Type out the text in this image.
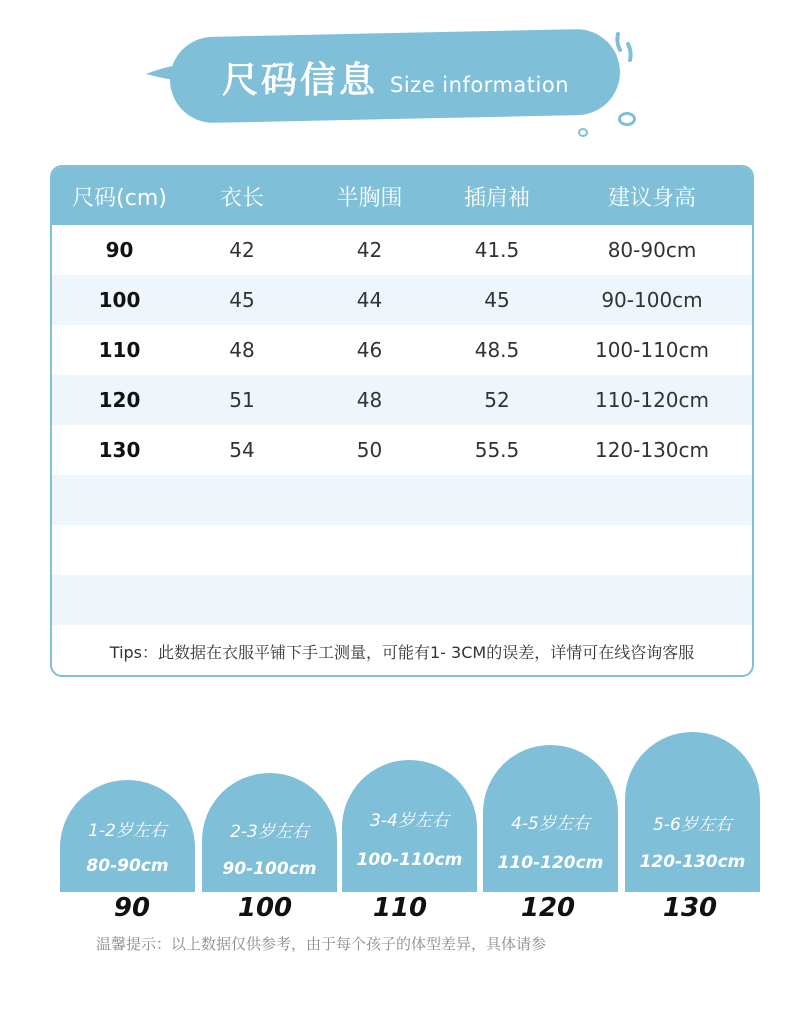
尺码信息 Size information
尺码(cm)	衣长	半胸围	插肩袖	建议身高
90	42	42	41.5	80-90cm
100	45	44	45	90-100cm
110	48	46	48.5	100-110cm
120	51	48	52	110-120cm
130	54	50	55.5	120-130cm
Tips：此数据在衣服平铺下手工测量，可能有1- 3CM的误差，详情可在线咨询客服
1-2岁左右
80-90cm
2-3岁左右
90-100cm
3-4岁左右
100-110cm
4-5岁左右
110-120cm
5-6岁左右
120-130cm
90	100	110	120	130
温馨提示：以上数据仅供参考，由于每个孩子的体型差异，具体请参
